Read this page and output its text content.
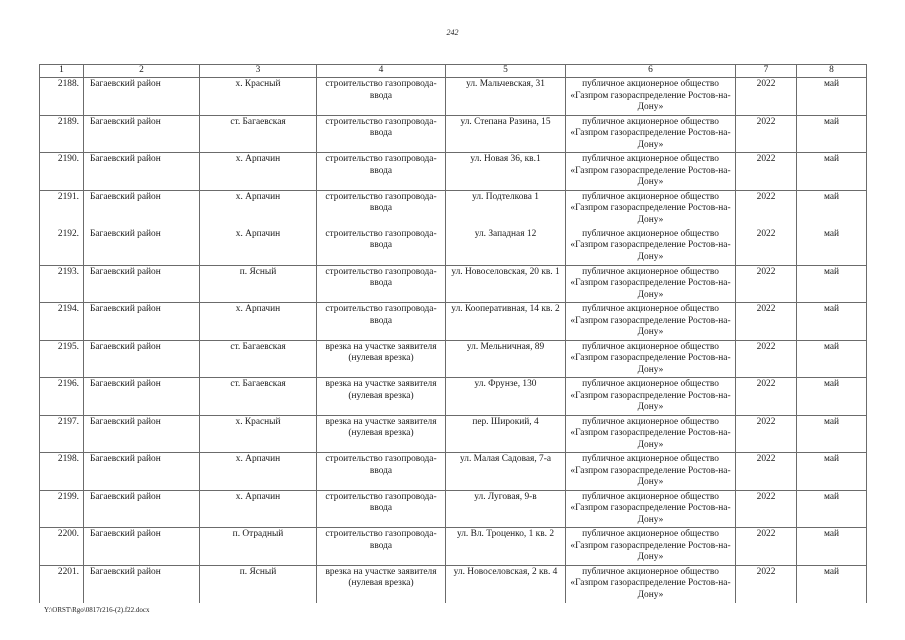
242
1	2	3	4	5	6	7	8
2188.	Багаевский район	х. Красный	строительство газопровода-ввода	ул. Мальчевская, 31	публичное акционерное общество «Газпром газораспределение Ростов-на-Дону»	2022	май
2189.	Багаевский район	ст. Багаевская	строительство газопровода-ввода	ул. Степана Разина, 15	публичное акционерное общество «Газпром газораспределение Ростов-на-Дону»	2022	май
2190.	Багаевский район	х. Арпачин	строительство газопровода-ввода	ул. Новая 36, кв.1	публичное акционерное общество «Газпром газораспределение Ростов-на-Дону»	2022	май
2191.	Багаевский район	х. Арпачин	строительство газопровода-ввода	ул. Подтелкова 1	публичное акционерное общество «Газпром газораспределение Ростов-на-Дону»	2022	май
2192.	Багаевский район	х. Арпачин	строительство газопровода-ввода	ул. Западная 12	публичное акционерное общество «Газпром газораспределение Ростов-на-Дону»	2022	май
2193.	Багаевский район	п. Ясный	строительство газопровода-ввода	ул. Новоселовская, 20 кв. 1	публичное акционерное общество «Газпром газораспределение Ростов-на-Дону»	2022	май
2194.	Багаевский район	х. Арпачин	строительство газопровода-ввода	ул. Кооперативная, 14 кв. 2	публичное акционерное общество «Газпром газораспределение Ростов-на-Дону»	2022	май
2195.	Багаевский район	ст. Багаевская	врезка на участке заявителя (нулевая врезка)	ул. Мельничная, 89	публичное акционерное общество «Газпром газораспределение Ростов-на-Дону»	2022	май
2196.	Багаевский район	ст. Багаевская	врезка на участке заявителя (нулевая врезка)	ул. Фрунзе, 130	публичное акционерное общество «Газпром газораспределение Ростов-на-Дону»	2022	май
2197.	Багаевский район	х. Красный	врезка на участке заявителя (нулевая врезка)	пер. Широкий, 4	публичное акционерное общество «Газпром газораспределение Ростов-на-Дону»	2022	май
2198.	Багаевский район	х. Арпачин	строительство газопровода-ввода	ул. Малая Садовая, 7-а	публичное акционерное общество «Газпром газораспределение Ростов-на-Дону»	2022	май
2199.	Багаевский район	х. Арпачин	строительство газопровода-ввода	ул. Луговая, 9-в	публичное акционерное общество «Газпром газораспределение Ростов-на-Дону»	2022	май
2200.	Багаевский район	п. Отрадный	строительство газопровода-ввода	ул. Вл. Троценко, 1 кв. 2	публичное акционерное общество «Газпром газораспределение Ростов-на-Дону»	2022	май
2201.	Багаевский район	п. Ясный	врезка на участке заявителя (нулевая врезка)	ул. Новоселовская, 2 кв. 4	публичное акционерное общество «Газпром газораспределение Ростов-на-Дону»	2022	май
Y:\ORST\Rgo\0817r216-(2).f22.docx
